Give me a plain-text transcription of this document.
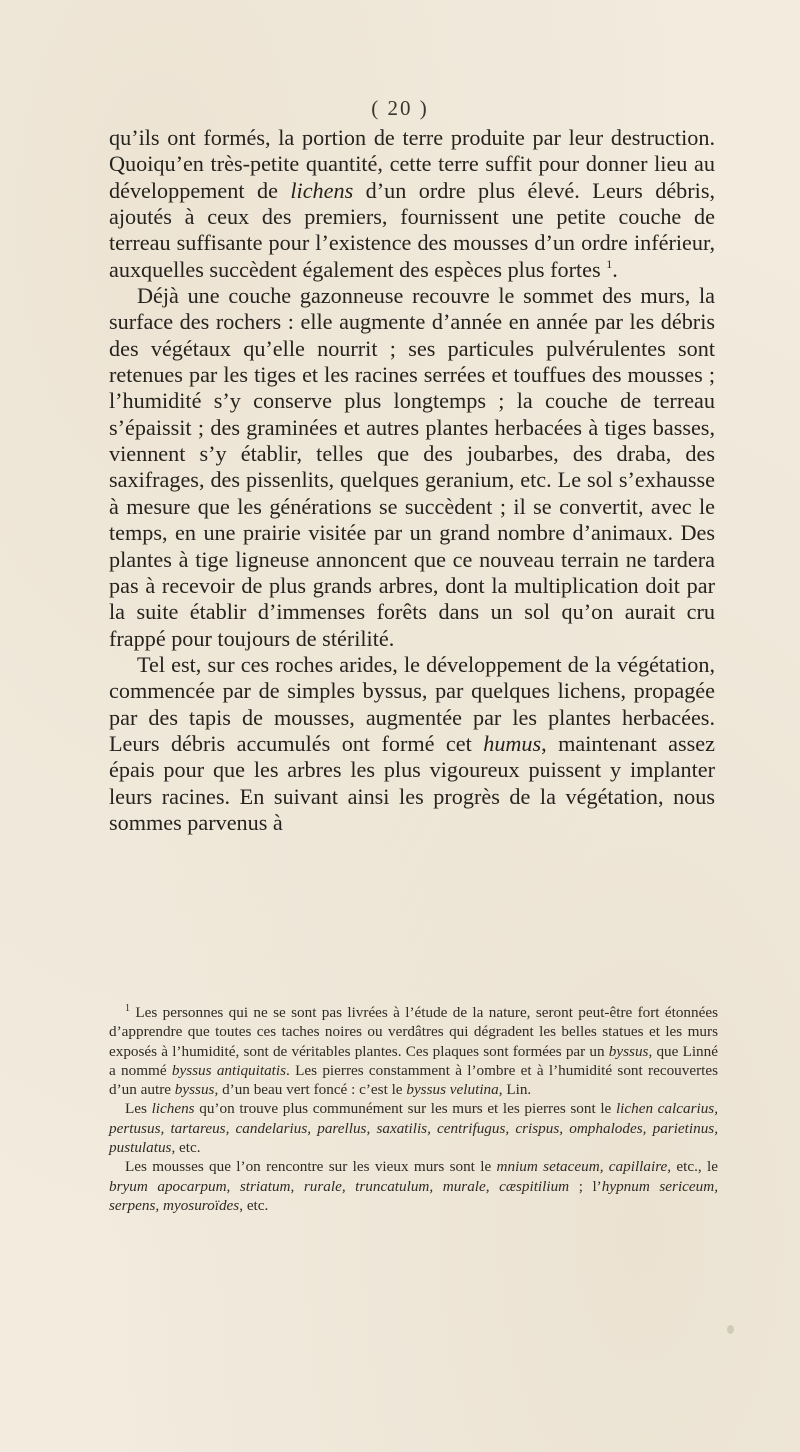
( 20 )

qu’ils ont formés, la portion de terre produite par leur destruction. Quoiqu’en très-petite quantité, cette terre suffit pour donner lieu au développement de lichens d’un ordre plus élevé. Leurs débris, ajoutés à ceux des premiers, fournissent une petite couche de terreau suffisante pour l’existence des mousses d’un ordre inférieur, auxquelles succèdent également des espèces plus fortes $^1$.

Déjà une couche gazonneuse recouvre le sommet des murs, la surface des rochers : elle augmente d’année en année par les débris des végétaux qu’elle nourrit ; ses particules pulvérulentes sont retenues par les tiges et les racines serrées et touffues des mousses ; l’humidité s’y conserve plus longtemps ; la couche de terreau s’épaissit ; des graminées et autres plantes herbacées à tiges basses, viennent s’y établir, telles que des joubarbes, des draba, des saxifrages, des pissenlits, quelques geranium, etc. Le sol s’exhausse à mesure que les générations se succèdent ; il se convertit, avec le temps, en une prairie visitée par un grand nombre d’animaux. Des plantes à tige ligneuse annoncent que ce nouveau terrain ne tardera pas à recevoir de plus grands arbres, dont la multiplication doit par la suite établir d’immenses forêts dans un sol qu’on aurait cru frappé pour toujours de stérilité.

Tel est, sur ces roches arides, le développement de la végétation, commencée par de simples byssus, par quelques lichens, propagée par des tapis de mousses, augmentée par les plantes herbacées. Leurs débris accumulés ont formé cet humus, maintenant assez épais pour que les arbres les plus vigoureux puissent y implanter leurs racines. En suivant ainsi les progrès de la végétation, nous sommes parvenus à

$^1$ Les personnes qui ne se sont pas livrées à l’étude de la nature, seront peut-être fort étonnées d’apprendre que toutes ces taches noires ou verdâtres qui dégradent les belles statues et les murs exposés à l’humidité, sont de véritables plantes. Ces plaques sont formées par un byssus, que Linné a nommé byssus antiquitatis. Les pierres constamment à l’ombre et à l’humidité sont recouvertes d’un autre byssus, d’un beau vert foncé : c’est le byssus velutina, Lin.

Les lichens qu’on trouve plus communément sur les murs et les pierres sont le lichen calcarius, pertusus, tartareus, candelarius, parellus, saxatilis, centrifugus, crispus, omphalodes, parietinus, pustulatus, etc.

Les mousses que l’on rencontre sur les vieux murs sont le mnium setaceum, capillaire, etc., le bryum apocarpum, striatum, rurale, truncatulum, murale, cæspitilium ; l’hypnum sericeum, serpens, myosuroïdes, etc.
